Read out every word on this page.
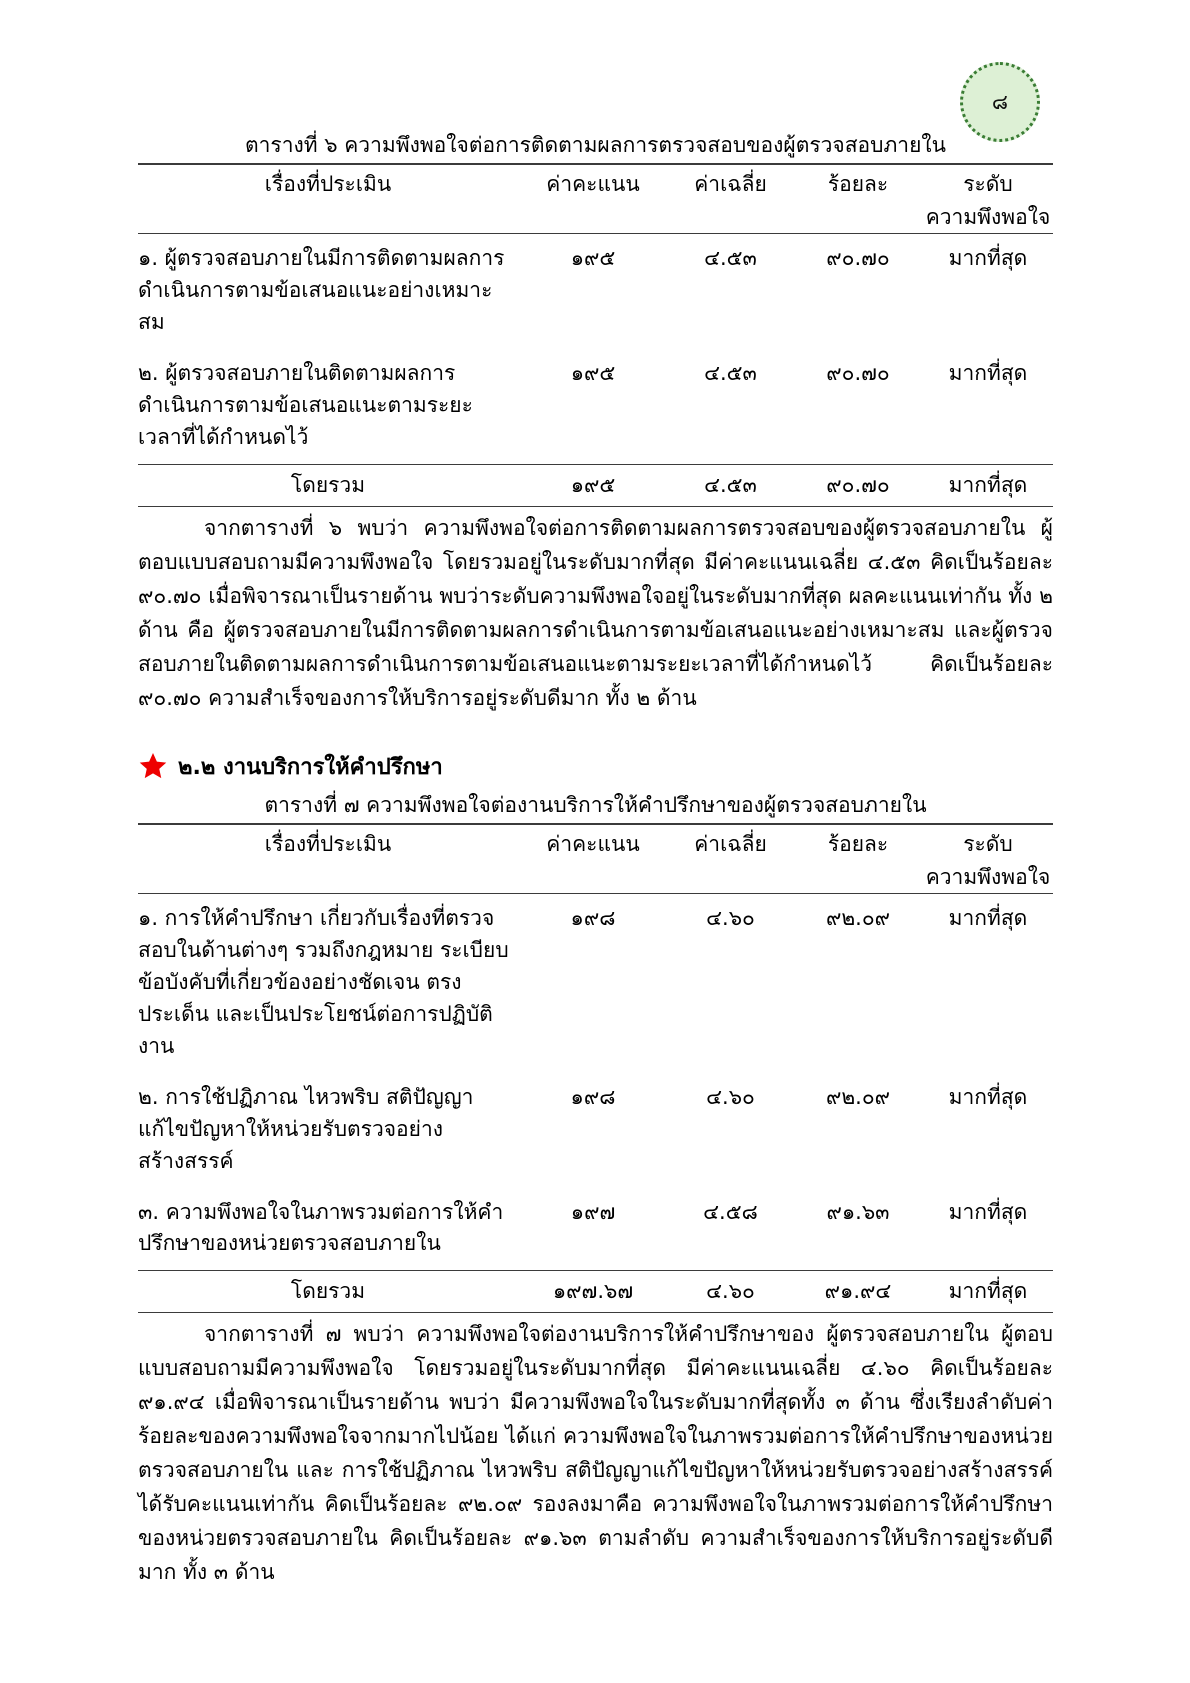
๘
ตารางที่ ๖ ความพึงพอใจต่อการติดตามผลการตรวจสอบของผู้ตรวจสอบภายใน
เรื่องที่ประเมิน	ค่าคะแนน	ค่าเฉลี่ย	ร้อยละ	ระดับ
ความพึงพอใจ

๑. ผู้ตรวจสอบภายในมีการติดตามผลการดำเนินการตามข้อเสนอแนะอย่างเหมาะสม	๑๙๕	๔.๕๓	๙๐.๗๐	มากที่สุด
๒. ผู้ตรวจสอบภายในติดตามผลการดำเนินการตามข้อเสนอแนะตามระยะเวลาที่ได้กำหนดไว้	๑๙๕	๔.๕๓	๙๐.๗๐	มากที่สุด
โดยรวม	๑๙๕	๔.๕๓	๙๐.๗๐	มากที่สุด

จากตารางที่ ๖ พบว่า ความพึงพอใจต่อการติดตามผลการตรวจสอบของผู้ตรวจสอบภายใน ผู้ตอบแบบสอบถามมีความพึงพอใจ โดยรวมอยู่ในระดับมากที่สุด มีค่าคะแนนเฉลี่ย ๔.๕๓ คิดเป็นร้อยละ ๙๐.๗๐ เมื่อพิจารณาเป็นรายด้าน พบว่าระดับความพึงพอใจอยู่ในระดับมากที่สุด ผลคะแนนเท่ากัน ทั้ง ๒ ด้าน คือ ผู้ตรวจสอบภายในมีการติดตามผลการดำเนินการตามข้อเสนอแนะอย่างเหมาะสม และผู้ตรวจสอบภายในติดตามผลการดำเนินการตามข้อเสนอแนะตามระยะเวลาที่ได้กำหนดไว้ คิดเป็นร้อยละ ๙๐.๗๐ ความสำเร็จของการให้บริการอยู่ระดับดีมาก ทั้ง ๒ ด้าน

๒.๒ งานบริการให้คำปรึกษา
ตารางที่ ๗ ความพึงพอใจต่องานบริการให้คำปรึกษาของผู้ตรวจสอบภายใน
เรื่องที่ประเมิน	ค่าคะแนน	ค่าเฉลี่ย	ร้อยละ	ระดับ
ความพึงพอใจ

๑. การให้คำปรึกษา เกี่ยวกับเรื่องที่ตรวจสอบในด้านต่างๆ รวมถึงกฎหมาย ระเบียบ ข้อบังคับที่เกี่ยวข้องอย่างชัดเจน ตรงประเด็น และเป็นประโยชน์ต่อการปฏิบัติงาน	๑๙๘	๔.๖๐	๙๒.๐๙	มากที่สุด
๒. การใช้ปฏิภาณ ไหวพริบ สติปัญญาแก้ไขปัญหาให้หน่วยรับตรวจอย่างสร้างสรรค์	๑๙๘	๔.๖๐	๙๒.๐๙	มากที่สุด
๓. ความพึงพอใจในภาพรวมต่อการให้คำปรึกษาของหน่วยตรวจสอบภายใน	๑๙๗	๔.๕๘	๙๑.๖๓	มากที่สุด
โดยรวม	๑๙๗.๖๗	๔.๖๐	๙๑.๙๔	มากที่สุด

จากตารางที่ ๗ พบว่า ความพึงพอใจต่องานบริการให้คำปรึกษาของ ผู้ตรวจสอบภายใน ผู้ตอบแบบสอบถามมีความพึงพอใจ โดยรวมอยู่ในระดับมากที่สุด มีค่าคะแนนเฉลี่ย ๔.๖๐ คิดเป็นร้อยละ ๙๑.๙๔ เมื่อพิจารณาเป็นรายด้าน พบว่า มีความพึงพอใจในระดับมากที่สุดทั้ง ๓ ด้าน ซึ่งเรียงลำดับค่าร้อยละของความพึงพอใจจากมากไปน้อย ได้แก่ ความพึงพอใจในภาพรวมต่อการให้คำปรึกษาของหน่วยตรวจสอบภายใน และ การใช้ปฏิภาณ ไหวพริบ สติปัญญาแก้ไขปัญหาให้หน่วยรับตรวจอย่างสร้างสรรค์ ได้รับคะแนนเท่ากัน คิดเป็นร้อยละ ๙๒.๐๙ รองลงมาคือ ความพึงพอใจในภาพรวมต่อการให้คำปรึกษาของหน่วยตรวจสอบภายใน คิดเป็นร้อยละ ๙๑.๖๓ ตามลำดับ ความสำเร็จของการให้บริการอยู่ระดับดีมาก ทั้ง ๓ ด้าน
